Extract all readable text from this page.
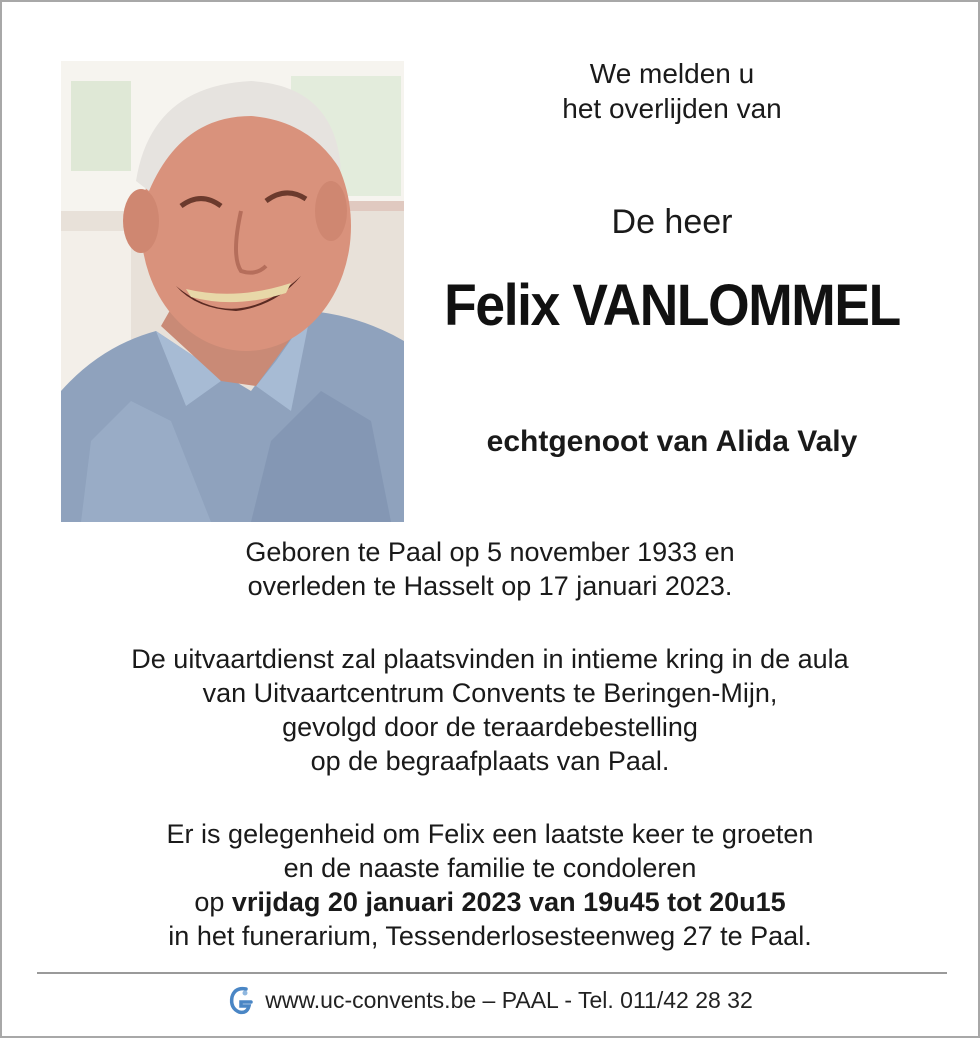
We melden u
het overlijden van
De heer
Felix VANLOMMEL
echtgenoot van Alida Valy
Geboren te Paal op 5 november 1933 en
overleden te Hasselt op 17 januari 2023.
De uitvaartdienst zal plaatsvinden in intieme kring in de aula
van Uitvaartcentrum Convents te Beringen-Mijn,
gevolgd door de teraardebestelling
op de begraafplaats van Paal.
Er is gelegenheid om Felix een laatste keer te groeten
en de naaste familie te condoleren
op vrijdag 20 januari 2023 van 19u45 tot 20u15
in het funerarium, Tessenderlosesteenweg 27 te Paal.
www.uc-convents.be – PAAL - Tel. 011/42 28 32
